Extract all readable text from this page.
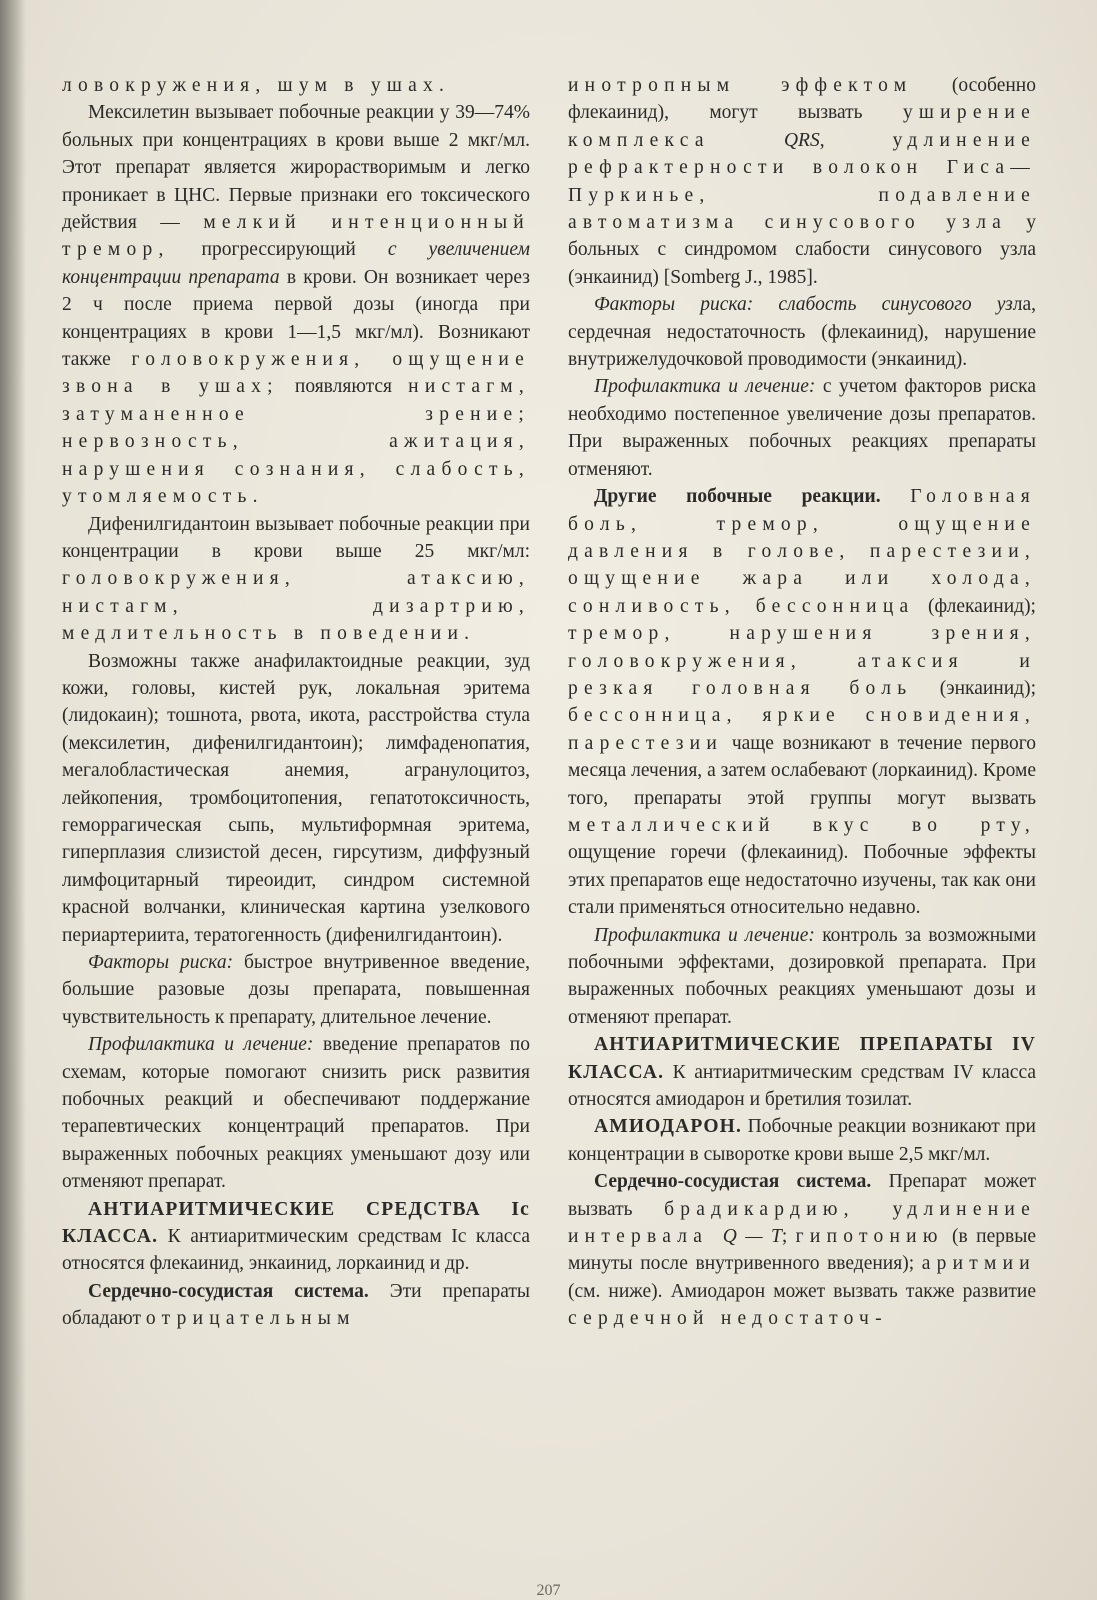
ловокружения, шум в ушах.

Мексилетин вызывает побочные реакции у 39—74% больных при концентрациях в крови выше 2 мкг/мл. Этот препарат является жирорастворимым и легко проникает в ЦНС. Первые признаки его токсического действия — мелкий интенционный тремор, прогрессирующий с увеличением концентрации препарата в крови. Он возникает через 2 ч после приема первой дозы (иногда при концентрациях в крови 1—1,5 мкг/мл). Возникают также головокружения, ощущение звона в ушах; появляются нистагм, затуманенное зрение; нервозность, ажитация, нарушения сознания, слабость, утомляемость.

Дифенилгидантоин вызывает побочные реакции при концентрации в крови выше 25 мкг/мл: головокружения, атаксию, нистагм, дизартрию, медлительность в поведении.

Возможны также анафилактоидные реакции, зуд кожи, головы, кистей рук, локальная эритема (лидокаин); тошнота, рвота, икота, расстройства стула (мексилетин, дифенилгидантоин); лимфаденопатия, мегалобластическая анемия, агранулоцитоз, лейкопения, тромбоцитопения, гепатотоксичность, геморрагическая сыпь, мультиформная эритема, гиперплазия слизистой десен, гирсутизм, диффузный лимфоцитарный тиреоидит, синдром системной красной волчанки, клиническая картина узелкового периартериита, тератогенность (дифенилгидантоин).

Факторы риска: быстрое внутривенное введение, большие разовые дозы препарата, повышенная чувствительность к препарату, длительное лечение.

Профилактика и лечение: введение препаратов по схемам, которые помогают снизить риск развития побочных реакций и обеспечивают поддержание терапевтических концентраций препаратов. При выраженных побочных реакциях уменьшают дозу или отменяют препарат.

АНТИАРИТМИЧЕСКИЕ СРЕДСТВА Ic КЛАССА. К антиаритмическим средствам Ic класса относятся флекаинид, энкаинид, лоркаинид и др.

Сердечно-сосудистая система. Эти препараты обладают отрицательным

инотропным эффектом (особенно флекаинид), могут вызвать уширение комплекса QRS, удлинение рефрактерности волокон Гиса—Пуркинье, подавление автоматизма синусового узла у больных с синдромом слабости синусового узла (энкаинид) [Somberg J., 1985].

Факторы риска: слабость синусового узла, сердечная недостаточность (флекаинид), нарушение внутрижелудочковой проводимости (энкаинид).

Профилактика и лечение: с учетом факторов риска необходимо постепенное увеличение дозы препаратов. При выраженных побочных реакциях препараты отменяют.

Другие побочные реакции. Головная боль, тремор, ощущение давления в голове, парестезии, ощущение жара или холода, сонливость, бессонница (флекаинид); тремор, нарушения зрения, головокружения, атаксия и резкая головная боль (энкаинид); бессонница, яркие сновидения, парестезии чаще возникают в течение первого месяца лечения, а затем ослабевают (лоркаинид). Кроме того, препараты этой группы могут вызвать металлический вкус во рту, ощущение горечи (флекаинид). Побочные эффекты этих препаратов еще недостаточно изучены, так как они стали применяться относительно недавно.

Профилактика и лечение: контроль за возможными побочными эффектами, дозировкой препарата. При выраженных побочных реакциях уменьшают дозы и отменяют препарат.

АНТИАРИТМИЧЕСКИЕ ПРЕПАРАТЫ IV КЛАССА. К антиаритмическим средствам IV класса относятся амиодарон и бретилия тозилат.

АМИОДАРОН. Побочные реакции возникают при концентрации в сыворотке крови выше 2,5 мкг/мл.

Сердечно-сосудистая система. Препарат может вызвать брадикардию, удлинение интервала Q — T; гипотонию (в первые минуты после внутривенного введения); аритмии (см. ниже). Амиодарон может вызвать также развитие сердечной недостаточ-

207
